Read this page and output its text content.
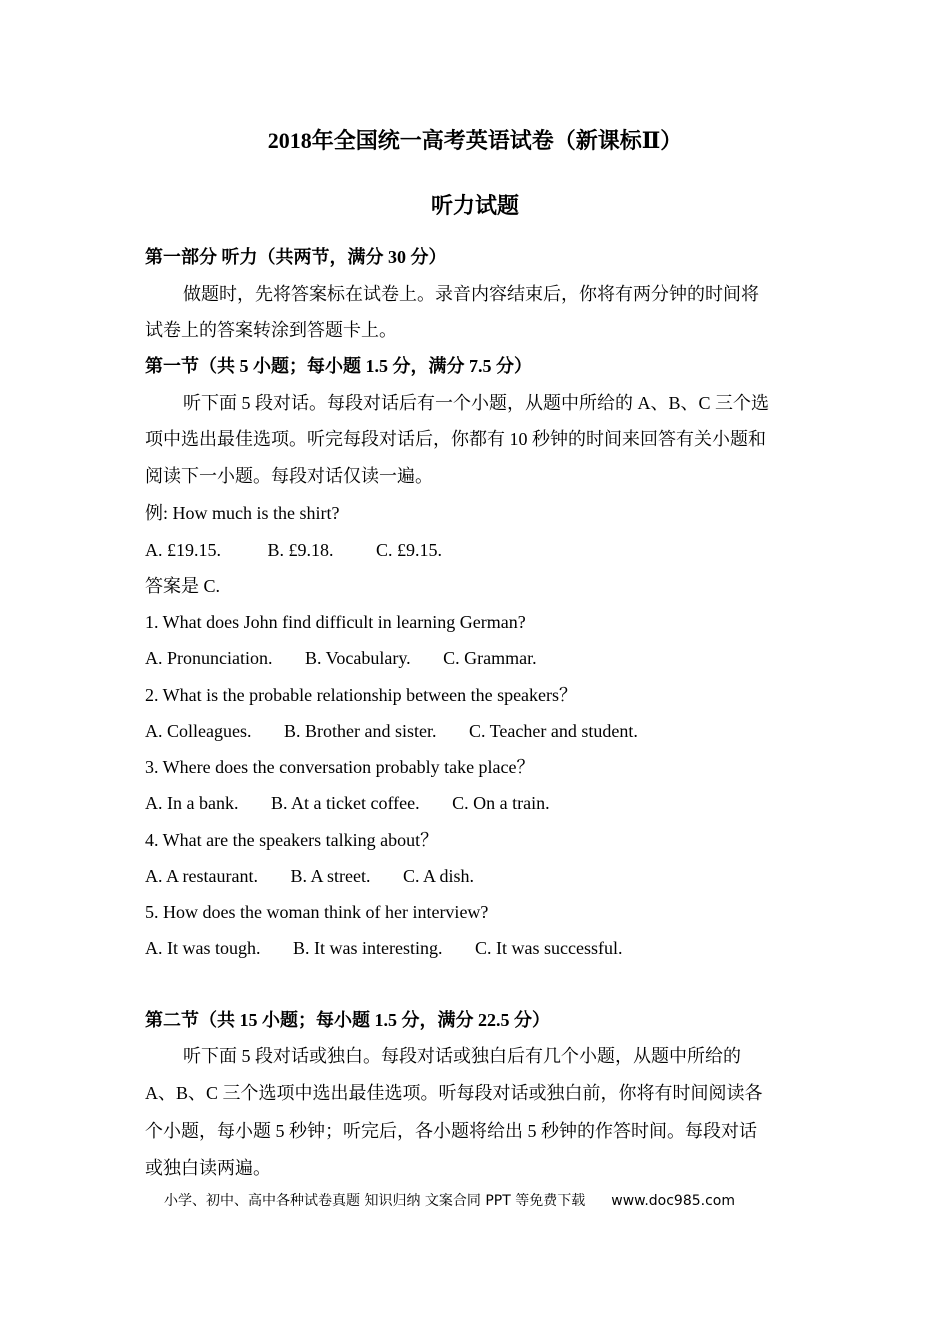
2018年全国统一高考英语试卷（新课标Ⅱ）
听力试题
第一部分 听力（共两节，满分 30 分）
做题时，先将答案标在试卷上。录音内容结束后，你将有两分钟的时间将
试卷上的答案转涂到答题卡上。
第一节（共 5 小题；每小题 1.5 分，满分 7.5 分）
听下面 5 段对话。每段对话后有一个小题，从题中所给的 A、B、C 三个选
项中选出最佳选项。听完每段对话后，你都有 10 秒钟的时间来回答有关小题和
阅读下一小题。每段对话仅读一遍。
例: How much is the shirt?
A. £19.15.	B. £9.18. C. £9.15.
答案是 C.
1. What does John find difficult in learning German?
A. Pronunciation. B. Vocabulary. C. Grammar.
2. What is the probable relationship between the speakers？
A. Colleagues. B. Brother and sister. C. Teacher and student.
3. Where does the conversation probably take place？
A. In a bank. B. At a ticket coffee. C. On a train.
4. What are the speakers talking about？
A. A restaurant. B. A street. C. A dish.
5. How does the woman think of her interview?
A. It was tough. B. It was interesting. C. It was successful.
第二节（共 15 小题；每小题 1.5 分，满分 22.5 分）
听下面 5 段对话或独白。每段对话或独白后有几个小题，从题中所给的
A、B、C 三个选项中选出最佳选项。听每段对话或独白前，你将有时间阅读各
个小题，每小题 5 秒钟；听完后，各小题将给出 5 秒钟的作答时间。每段对话
或独白读两遍。
小学、初中、高中各种试卷真题 知识归纳 文案合同 PPT 等免费下载 www.doc985.com
